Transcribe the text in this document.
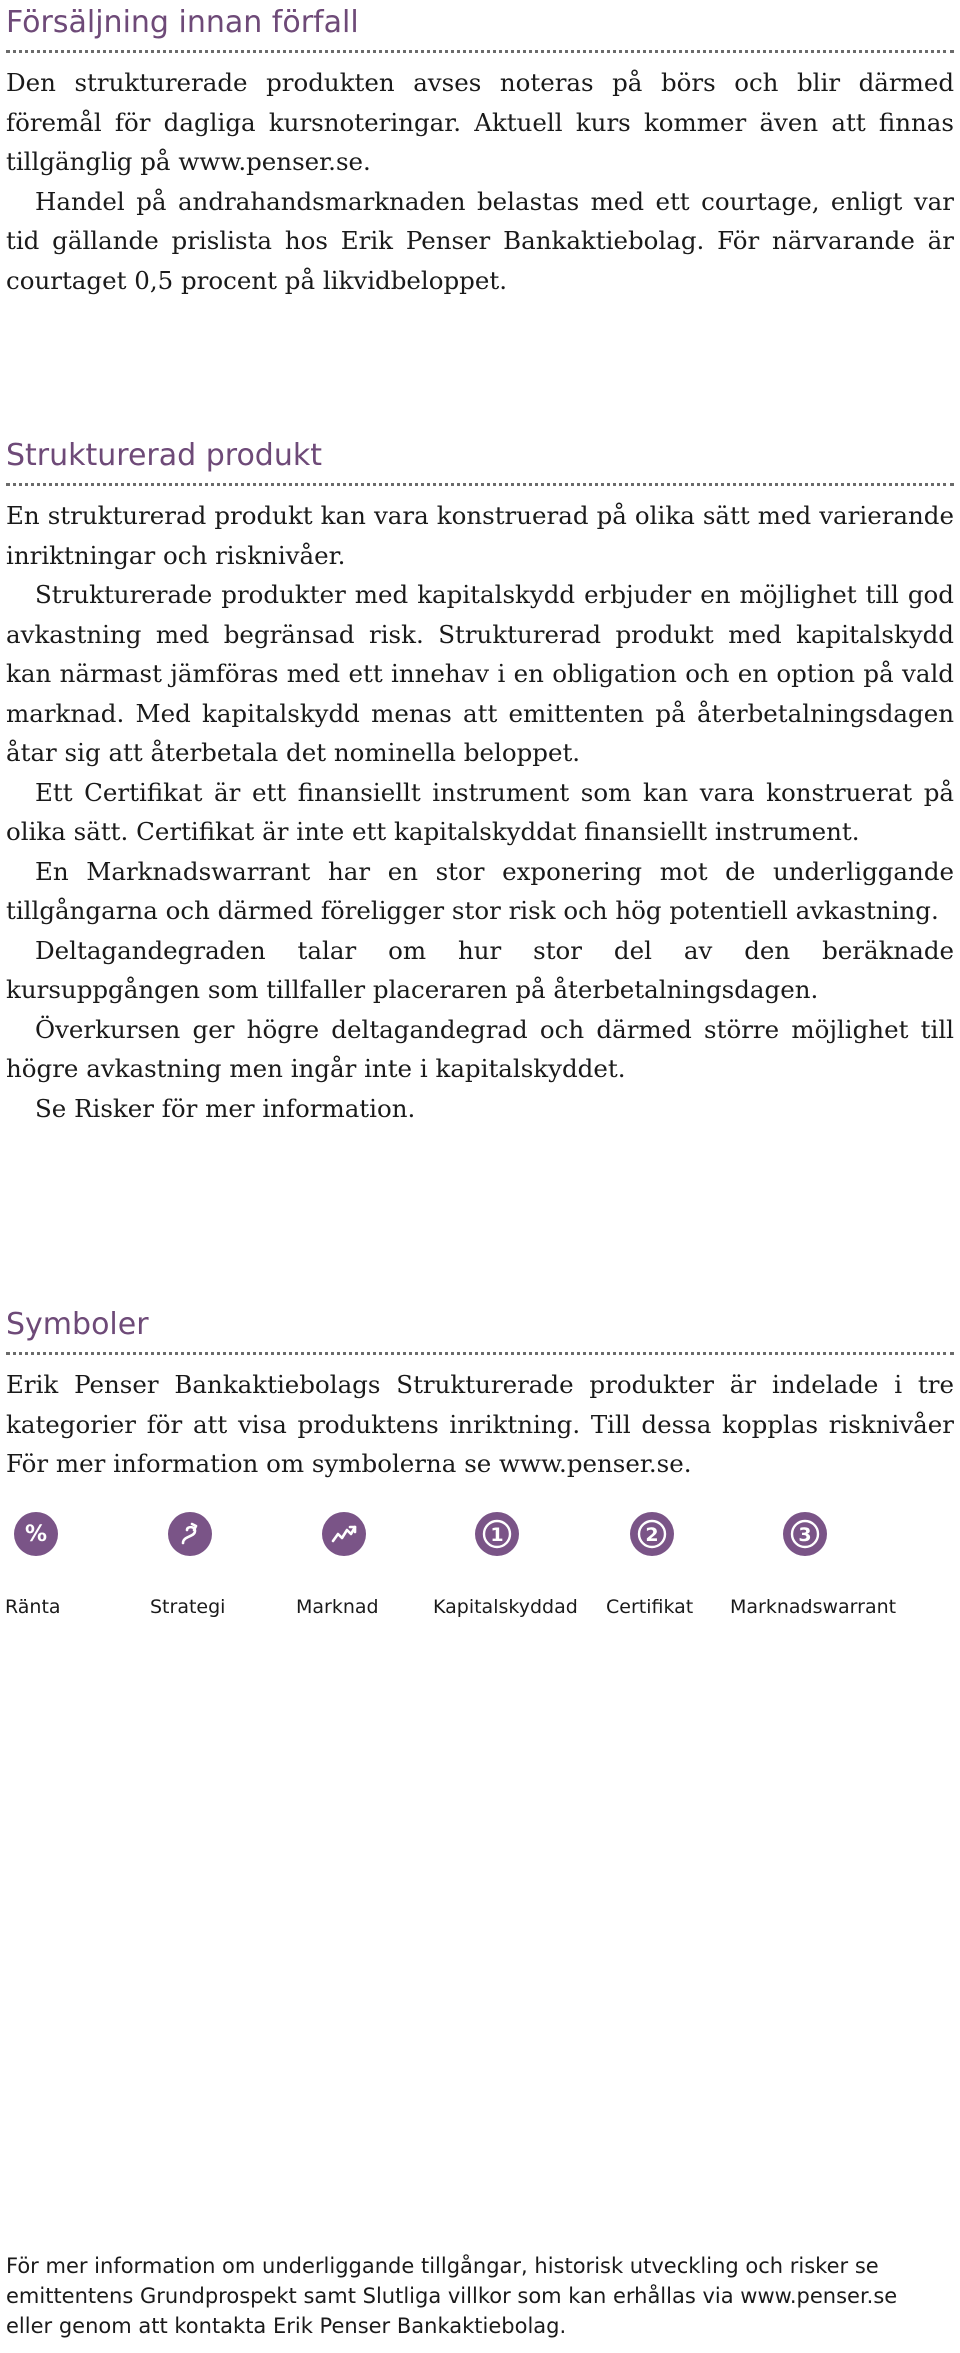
Försäljning innan förfall

Den strukturerade produkten avses noteras på börs och blir därmed föremål för dagliga kursnoteringar. Aktuell kurs kommer även att finnas tillgänglig på www.penser.se.

Handel på andrahandsmarknaden belastas med ett courtage, enligt var tid gällande prislista hos Erik Penser Bankaktiebolag. För närvarande är courtaget 0,5 procent på likvidbeloppet.

Strukturerad produkt

En strukturerad produkt kan vara konstruerad på olika sätt med varierande inriktningar och risknivåer.

Strukturerade produkter med kapitalskydd erbjuder en möjlighet till god avkastning med begränsad risk. Strukturerad produkt med kapitalskydd kan närmast jämföras med ett innehav i en obligation och en option på vald marknad. Med kapitalskydd menas att emittenten på återbetalningsdagen åtar sig att återbetala det nominella beloppet.

Ett Certifikat är ett finansiellt instrument som kan vara konstruerat på olika sätt. Certifikat är inte ett kapitalskyddat finansiellt instrument.

En Marknadswarrant har en stor exponering mot de underliggande tillgångarna och därmed föreligger stor risk och hög potentiell avkastning.

Deltagandegraden talar om hur stor del av den beräknade kursuppgången som tillfaller placeraren på återbetalningsdagen.

Överkursen ger högre deltagandegrad och därmed större möjlighet till högre avkastning men ingår inte i kapitalskyddet.

Se Risker för mer information.

Symboler

Erik Penser Bankaktiebolags Strukturerade produkter är indelade i tre kategorier för att visa produktens inriktning. Till dessa kopplas risknivåer För mer information om symbolerna se www.penser.se.

%
Ränta	Strategi	Marknad
1
Kapitalskyddad
2
Certifikat
3
Marknadswarrant

För mer information om underliggande tillgångar, historisk utveckling och risker se

emittentens Grundprospekt samt Slutliga villkor som kan erhållas via www.penser.se

eller genom att kontakta Erik Penser Bankaktiebolag.
